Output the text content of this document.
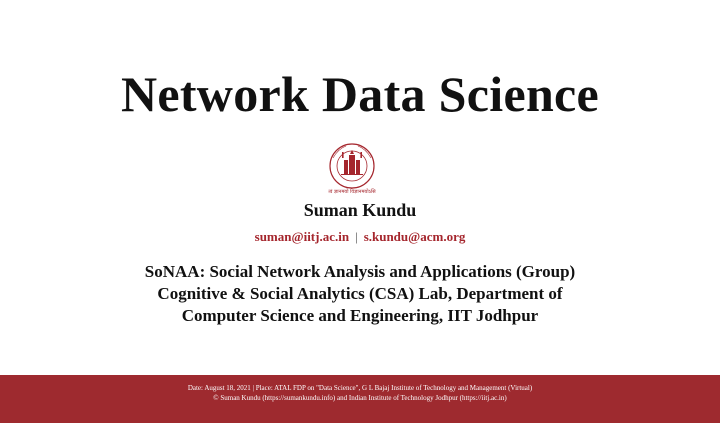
Network Data Science
त्वं ज्ञानमयो विज्ञानमयोऽसि
Suman Kundu
suman@iitj.ac.in | s.kundu@acm.org
SoNAA: Social Network Analysis and Applications (Group)
Cognitive & Social Analytics (CSA) Lab, Department of
Computer Science and Engineering, IIT Jodhpur
Date: August 18, 2021 | Place: ATAL FDP on "Data Science", G L Bajaj Institute of Technology and Management (Virtual)
© Suman Kundu (https://sumankundu.info) and Indian Institute of Technology Jodhpur (https://iitj.ac.in)
